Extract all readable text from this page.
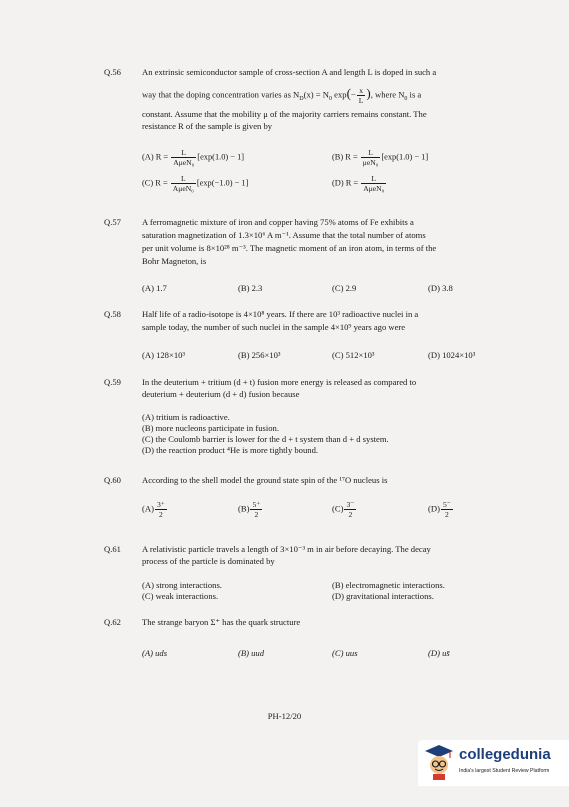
Q.56	An extrinsic semiconductor sample of cross-section A and length L is doped in such a
way that the doping concentration varies as $N_D(x) = N_0$ $\exp(- \frac{x}{L}$ ), where $N_0$ is a
constant. Assume that the mobility μ of the majority carriers remains constant. The
resistance R of the sample is given by
(A) $R = \frac{L}{\text{AμeN₀}} [\exp(1.0) - 1]$	(B) $R = \frac{L}{\text{μeN₀}} [\exp(1.0) - 1]$
(C) $R = \frac{L}{\text{AμeN₀}} [\exp(-1.0) - 1]$	(D) $R = \frac{L}{\text{AμeN₀}}$
Q.57	A ferromagnetic mixture of iron and copper having 75% atoms of Fe exhibits a
saturation magnetization of 1.3×10⁶ A m⁻¹. Assume that the total number of atoms
per unit volume is 8×10²⁸ m⁻³. The magnetic moment of an iron atom, in terms of the
Bohr Magneton, is
(A) 1.7	(B) 2.3	(C) 2.9	(D) 3.8
Q.58	Half life of a radio-isotope is 4×10⁸ years. If there are 10³ radioactive nuclei in a
sample today, the number of such nuclei in the sample 4×10⁹ years ago were
(A) 128×10³	(B) 256×10³	(C) 512×10³	(D) 1024×10³
Q.59	In the deuterium + tritium (d + t) fusion more energy is released as compared to
deuterium + deuterium (d + d) fusion because
(A) tritium is radioactive.
(B) more nucleons participate in fusion.
(C) the Coulomb barrier is lower for the d + t system than d + d system.
(D) the reaction product ⁴He is more tightly bound.
Q.60	According to the shell model the ground state spin of the ¹⁷O nucleus is
$(A) \frac{3^+}{2}$	$(B) \frac{5^+}{2}$	$(C) \frac{3^-}{2}$	$(D) \frac{5^-}{2}$
Q.61	A relativistic particle travels a length of 3×10⁻³ m in air before decaying. The decay
process of the particle is dominated by
(A) strong interactions.	(B) electromagnetic interactions.
(C) weak interactions.	(D) gravitational interactions.
Q.62	The strange baryon Σ⁺ has the quark structure
(A) uds	(B) uud	(C) uus	(D) us̄
PH-12/20
collegedunia
India's largest Student Review Platform
